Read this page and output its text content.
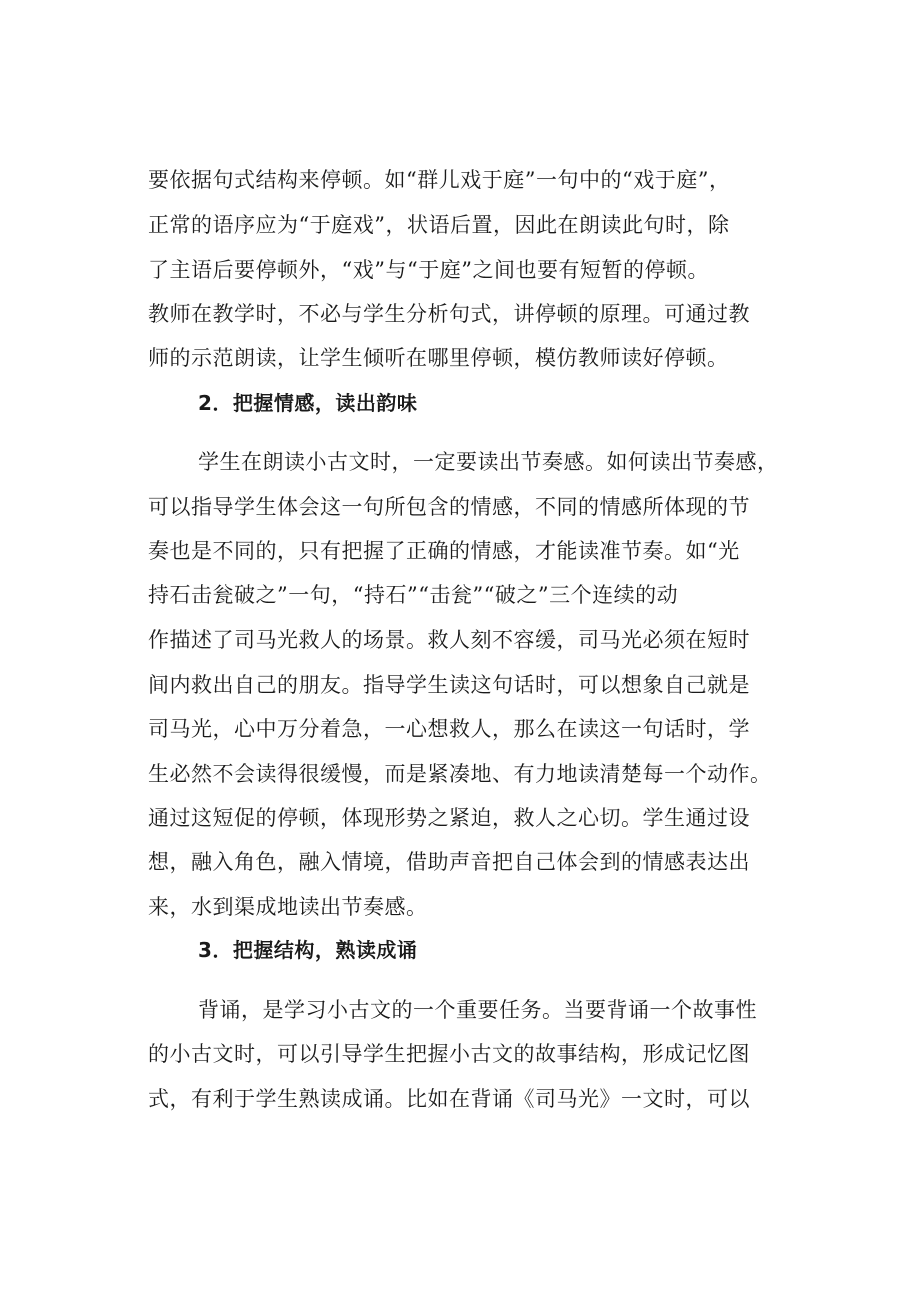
要依据句式结构来停顿。如“群儿戏于庭”一句中的“戏于庭”，
正常的语序应为“于庭戏”，状语后置，因此在朗读此句时，除
了主语后要停顿外，“戏”与“于庭”之间也要有短暂的停顿。
教师在教学时，不必与学生分析句式，讲停顿的原理。可通过教
师的示范朗读，让学生倾听在哪里停顿，模仿教师读好停顿。
2．把握情感，读出韵味
学生在朗读小古文时，一定要读出节奏感。如何读出节奏感，
可以指导学生体会这一句所包含的情感，不同的情感所体现的节
奏也是不同的，只有把握了正确的情感，才能读准节奏。如“光
持石击瓮破之”一句，“持石”“击瓮”“破之”三个连续的动
作描述了司马光救人的场景。救人刻不容缓，司马光必须在短时
间内救出自己的朋友。指导学生读这句话时，可以想象自己就是
司马光，心中万分着急，一心想救人，那么在读这一句话时，学
生必然不会读得很缓慢，而是紧凑地、有力地读清楚每一个动作。
通过这短促的停顿，体现形势之紧迫，救人之心切。学生通过设
想，融入角色，融入情境，借助声音把自己体会到的情感表达出
来，水到渠成地读出节奏感。
3．把握结构，熟读成诵
背诵，是学习小古文的一个重要任务。当要背诵一个故事性
的小古文时，可以引导学生把握小古文的故事结构，形成记忆图
式，有利于学生熟读成诵。比如在背诵《司马光》一文时，可以
